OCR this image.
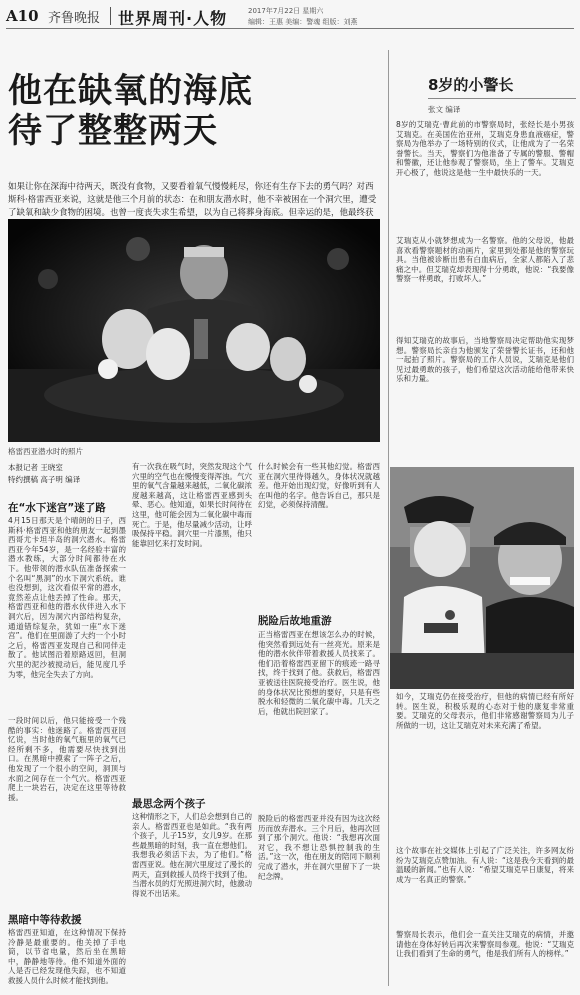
A10 齐鲁晚报 世界周刊·人物	2017年7月22日 星期六
编辑：王惠 美编：警魂 组版：刘燕
他在缺氧的海底
待了整整两天
如果让你在深海中待两天，既没有食物，又要看着氧气慢慢耗尽，你还有生存下去的勇气吗？对西斯科·格雷西亚来说，这就是他三个月前的状态：在和朋友潜水时，他不幸被困在一个洞穴里，遭受了缺氧和缺少食物的困境。也曾一度丧失求生希望，以为自己将葬身海底。但幸运的是，他最终获
格雷西亚潜水时的照片
本报记者 王晓室
特约撰稿 高子明 编译
在“水下迷宫”迷了路
4月15日那天是个晴朗的日子，西斯科·格雷西亚和他的朋友一起到墨西哥尤卡坦半岛的洞穴潜水。格雷西亚今年54岁，是一名经验丰富的潜水教练，大部分时间都待在水下。他带领的潜水队伍准备探索一个名叫“黑洞”的水下洞穴系统。谁也没想到，这次看似平常的潜水，竟然差点让他丢掉了性命。那天，格雷西亚和他的潜水伙伴进入水下洞穴后，因为洞穴内部结构复杂，通道错综复杂，犹如一座“水下迷宫”。他们在里面游了大约一个小时之后，格雷西亚发现自己和同伴走散了。他试图沿着原路返回，但洞穴里的泥沙被搅动后，能见度几乎为零，他完全失去了方向。
一段时间以后，他只能接受一个残酷的事实：他迷路了。格雷西亚回忆说，当时他的氧气瓶里的氧气已经所剩不多，他需要尽快找到出口。在黑暗中摸索了一阵子之后，他发现了一个很小的空间，洞顶与水面之间存在一个气穴。格雷西亚爬上一块岩石，决定在这里等待救援。
黑暗中等待救援
格雷西亚知道，在这种情况下保持冷静是最重要的。他关掉了手电筒，以节省电量，然后坐在黑暗中，静静地等待。他不知道外面的人是否已经发现他失踪，也不知道救援人员什么时候才能找到他。
有一次我在吸气时，突然发现这个气穴里的空气也在慢慢变得浑浊。气穴里的氧气含量越来越低，二氧化碳浓度越来越高，这让格雷西亚感到头晕、恶心。他知道，如果长时间待在这里，他可能会因为二氧化碳中毒而死亡。于是，他尽量减少活动，让呼吸保持平稳。洞穴里一片漆黑，他只能靠回忆来打发时间。
最思念两个孩子
这种情形之下，人们总会想到自己的亲人。格雷西亚也是如此。“我有两个孩子，儿子15岁，女儿9岁。在那些最黑暗的时刻，我一直在想他们。我想我必须活下去，为了他们。”格雷西亚说。他在洞穴里度过了漫长的两天，直到救援人员终于找到了他。当潜水员的灯光照进洞穴时，他激动得说不出话来。
什么时候会有一些其他幻觉。格雷西亚在洞穴里待得越久，身体状况就越差。他开始出现幻觉，好像听到有人在叫他的名字。他告诉自己，那只是幻觉，必须保持清醒。
脱险后故地重游
正当格雷西亚在想该怎么办的时候，他突然看到远处有一丝亮光。原来是他的潜水伙伴带着救援人员找来了。他们沿着格雷西亚留下的痕迹一路寻找，终于找到了他。获救后，格雷西亚被送往医院接受治疗。医生说，他的身体状况比预想的要好，只是有些脱水和轻微的二氧化碳中毒。几天之后，他就出院回家了。
脱险后的格雷西亚并没有因为这次经历而放弃潜水。三个月后，他再次回到了那个洞穴。他说：“我想再次面对它，我不想让恐惧控制我的生活。”这一次，他在朋友的陪同下顺利完成了潜水，并在洞穴里留下了一块纪念牌。
8岁的小警长
张文 编译
8岁的艾瑞克·曹此前的市警察局时，张经长是小男孩艾瑞克。在美国佐治亚州，艾瑞克身患血液癌症，警察局为他举办了一场特别的仪式，让他成为了一名荣誉警长。当天，警察们为他准备了专属的警服、警帽和警徽，还让他参观了警察局，坐上了警车。艾瑞克开心极了，他说这是他一生中最快乐的一天。
艾瑞克从小就梦想成为一名警察。他的父母说，他最喜欢看警察题材的动画片，家里到处都是他的警察玩具。当他被诊断出患有白血病后，全家人都陷入了悲痛之中。但艾瑞克却表现得十分勇敢，他说：“我要像警察一样勇敢，打败坏人。”
得知艾瑞克的故事后，当地警察局决定帮助他实现梦想。警察局长亲自为他颁发了荣誉警长证书，还和他一起拍了照片。警察局的工作人员说，艾瑞克是他们见过最勇敢的孩子，他们希望这次活动能给他带来快乐和力量。
如今，艾瑞克仍在接受治疗，但他的病情已经有所好转。医生说，积极乐观的心态对于他的康复非常重要。艾瑞克的父母表示，他们非常感谢警察局为儿子所做的一切，这让艾瑞克对未来充满了希望。
这个故事在社交媒体上引起了广泛关注，许多网友纷纷为艾瑞克点赞加油。有人说：“这是我今天看到的最温暖的新闻。”也有人说：“希望艾瑞克早日康复，将来成为一名真正的警察。”
警察局长表示，他们会一直关注艾瑞克的病情，并邀请他在身体好转后再次来警察局参观。他说：“艾瑞克让我们看到了生命的勇气，他是我们所有人的榜样。”
